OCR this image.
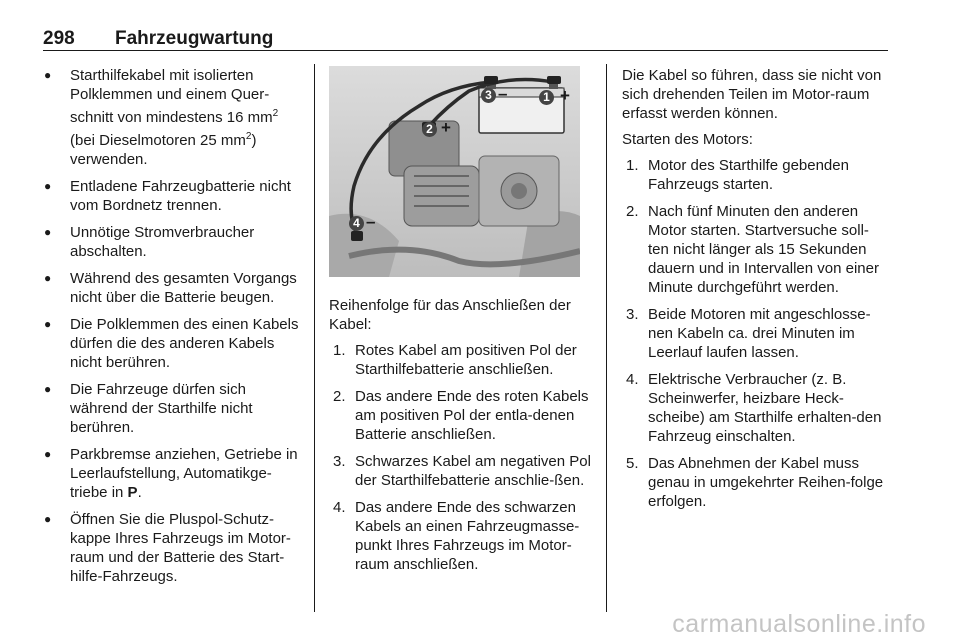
298 Fahrzeugwartung
● Starthilfekabel mit isolierten Polklemmen und einem Quer-schnitt von mindestens 16 $mm^2$ (bei Dieselmotoren 25 $mm^2$) verwenden.
● Entladene Fahrzeugbatterie nicht vom Bordnetz trennen.
● Unnötige Stromverbraucher abschalten.
● Während des gesamten Vorgangs nicht über die Batterie beugen.
● Die Polklemmen des einen Kabels dürfen die des anderen Kabels nicht berühren.
● Die Fahrzeuge dürfen sich während der Starthilfe nicht berühren.
● Parkbremse anziehen, Getriebe in Leerlaufstellung, Automatikge-triebe in P.
● Öffnen Sie die Pluspol-Schutz-kappe Ihres Fahrzeugs im Motor-raum und der Batterie des Start-hilfe-Fahrzeugs.
1 +
2 +
3 –
4 –

Reihenfolge für das Anschließen der Kabel:

1. Rotes Kabel am positiven Pol der Starthilfebatterie anschließen.
2. Das andere Ende des roten Kabels am positiven Pol der entla-denen Batterie anschließen.
3. Schwarzes Kabel am negativen Pol der Starthilfebatterie anschlie-ßen.
4. Das andere Ende des schwarzen Kabels an einen Fahrzeugmasse-punkt Ihres Fahrzeugs im Motor-raum anschließen.

Die Kabel so führen, dass sie nicht von sich drehenden Teilen im Motor-raum erfasst werden können.

Starten des Motors:

1. Motor des Starthilfe gebenden Fahrzeugs starten.
2. Nach fünf Minuten den anderen Motor starten. Startversuche soll-ten nicht länger als 15 Sekunden dauern und in Intervallen von einer Minute durchgeführt werden.
3. Beide Motoren mit angeschlosse-nen Kabeln ca. drei Minuten im Leerlauf laufen lassen.
4. Elektrische Verbraucher (z. B. Scheinwerfer, heizbare Heck-scheibe) am Starthilfe erhalten-den Fahrzeug einschalten.
5. Das Abnehmen der Kabel muss genau in umgekehrter Reihen-folge erfolgen.
carmanualsonline.info
